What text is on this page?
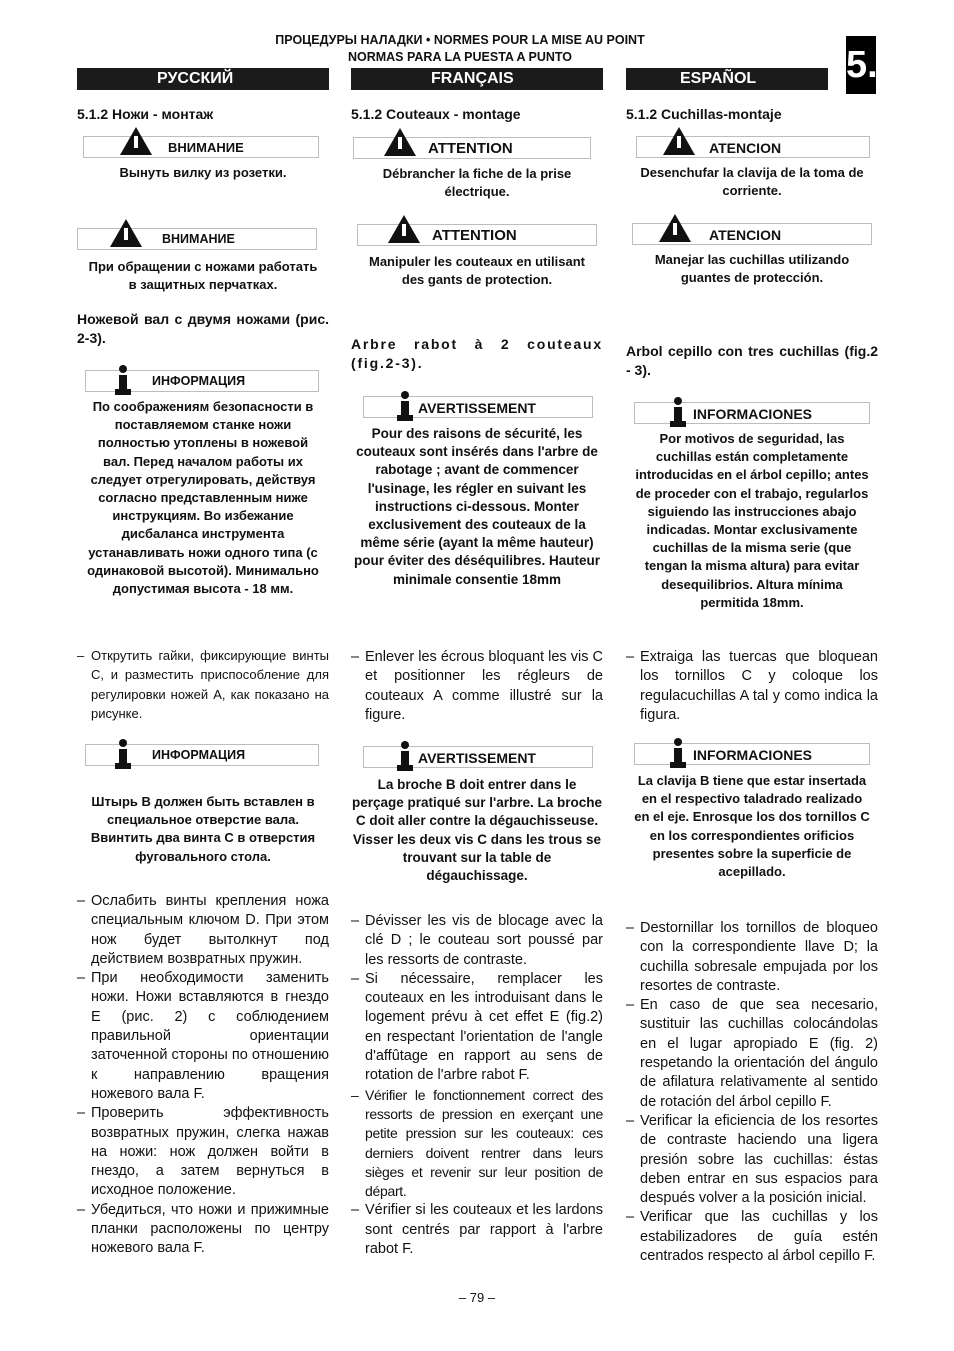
ПРОЦЕДУРЫ НАЛАДКИ • NORMES POUR LA MISE AU POINT
NORMAS PARA LA PUESTA A PUNTO	5.
РУССКИЙ
5.1.2 Ножи - монтаж
ВНИМАНИЕ
Вынуть вилку из розетки.
ВНИМАНИЕ
При обращении с ножами работать в защитных перчатках.
Ножевой вал с двумя ножами (рис. 2-3).
ИНФОРМАЦИЯ
По соображениям безопасности в поставляемом станке ножи полностью утоплены в ножевой вал. Перед началом работы их следует отрегулировать, действуя согласно представленным ниже инструкциям. Во избежание дисбаланса инструмента устанавливать ножи одного типа (с одинаковой высотой). Минимально допустимая высота - 18 мм.
– Открутить гайки, фиксирующие винты C, и разместить приспособление для регулировки ножей A, как показано на рисунке.
ИНФОРМАЦИЯ
Штырь B должен быть вставлен в специальное отверстие вала. Ввинтить два винта C в отверстия фуговального стола.
– Ослабить винты крепления ножа специальным ключом D. При этом нож будет вытолкнут под действием возвратных пружин.
– При необходимости заменить ножи. Ножи вставляются в гнездо E (рис. 2) с соблюдением правильной ориентации заточенной стороны по отношению к направлению вращения ножевого вала F.
– Проверить эффективность возвратных пружин, слегка нажав на ножи: нож должен войти в гнездо, а затем вернуться в исходное положение.
– Убедиться, что ножи и прижимные планки расположены по центру ножевого вала F.
FRANÇAIS
5.1.2 Couteaux - montage
ATTENTION
Débrancher la fiche de la prise électrique.
ATTENTION
Manipuler les couteaux en utilisant des gants de protection.
Arbre rabot à 2 couteaux (fig.2-3).
AVERTISSEMENT
Pour des raisons de sécurité, les couteaux sont insérés dans l'arbre de rabotage ; avant de commencer l'usinage, les régler en suivant les instructions ci-dessous. Monter exclusivement des couteaux de la même série (ayant la même hauteur) pour éviter des déséquilibres. Hauteur minimale consentie 18mm
– Enlever les écrous bloquant les vis C et positionner les régleurs de couteaux A comme illustré sur la figure.
AVERTISSEMENT
La broche B doit entrer dans le perçage pratiqué sur l'arbre. La broche C doit aller contre la dégauchisseuse. Visser les deux vis C dans les trous se trouvant sur la table de dégauchissage.
– Dévisser les vis de blocage avec la clé D ; le couteau sort poussé par les ressorts de contraste.
– Si nécessaire, remplacer les couteaux en les introduisant dans le logement prévu à cet effet E (fig.2) en respectant l'orientation de l'angle d'affûtage en rapport au sens de rotation de l'arbre rabot F.
– Vérifier le fonctionnement correct des ressorts de pression en exerçant une petite pression sur les couteaux: ces derniers doivent rentrer dans leurs sièges et revenir sur leur position de départ.
– Vérifier si les couteaux et les lardons sont centrés par rapport à l'arbre rabot F.
ESPAÑOL
5.1.2 Cuchillas-montaje
ATENCION
Desenchufar la clavija de la toma de corriente.
ATENCION
Manejar las cuchillas utilizando guantes de protección.
Arbol cepillo con tres cuchillas (fig.2 - 3).
INFORMACIONES
Por motivos de seguridad, las cuchillas están completamente introducidas en el árbol cepillo; antes de proceder con el trabajo, regularlos siguiendo las instrucciones abajo indicadas. Montar exclusivamente cuchillas de la misma serie (que tengan la misma altura) para evitar desequilibrios. Altura mínima permitida 18mm.
– Extraiga las tuercas que bloquean los tornillos C y coloque los regulacuchillas A tal y como indica la figura.
INFORMACIONES
La clavija B tiene que estar insertada en el respectivo taladrado realizado en el eje. Enrosque los dos tornillos C en los correspondientes orificios presentes sobre la superficie de acepillado.
– Destornillar los tornillos de bloqueo con la correspondiente llave D; la cuchilla sobresale empujada por los resortes de contraste.
– En caso de que sea necesario, sustituir las cuchillas colocándolas en el lugar apropiado E (fig. 2) respetando la orientación del ángulo de afilatura relativamente al sentido de rotación del árbol cepillo F.
– Verificar la eficiencia de los resortes de contraste haciendo una ligera presión sobre las cuchillas: éstas deben entrar en sus espacios para después volver a la posición inicial.
– Verificar que las cuchillas y los estabilizadores de guía estén centrados respecto al árbol cepillo F.
– 79 –
